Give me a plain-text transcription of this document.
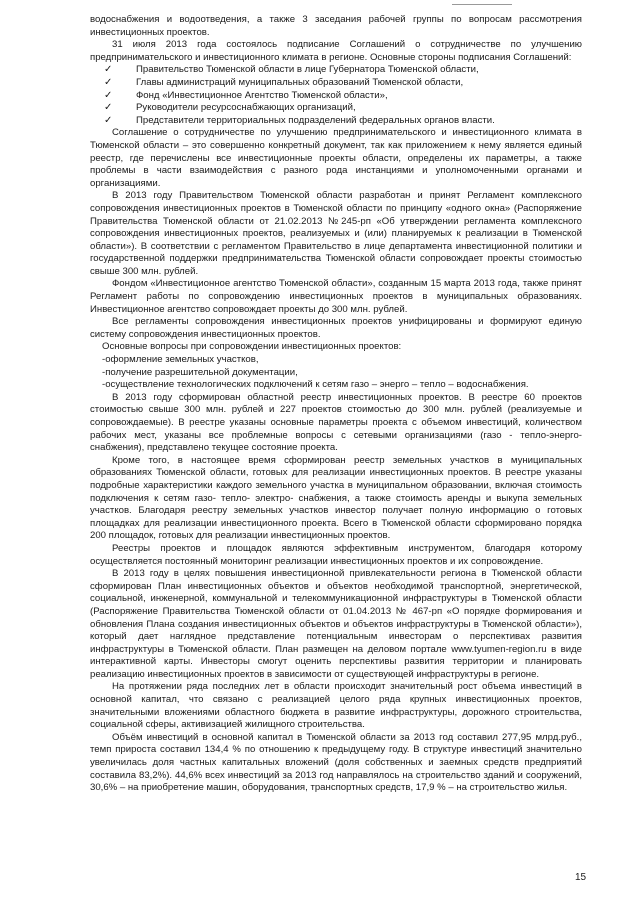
водоснабжения и водоотведения, а также 3 заседания рабочей группы по вопросам рассмотрения инвестиционных проектов.

31 июля 2013 года состоялось подписание Соглашений о сотрудничестве по улучшению предпринимательского и инвестиционного климата в регионе. Основные стороны подписания Соглашений:

✓	Правительство Тюменской области в лице Губернатора Тюменской области,
✓	Главы администраций муниципальных образований Тюменской области,
✓	Фонд «Инвестиционное Агентство Тюменской области»,
✓	Руководители ресурсоснабжающих организаций,
✓	Представители территориальных подразделений федеральных органов власти.

Соглашение о сотрудничестве по улучшению предпринимательского и инвестиционного климата в Тюменской области – это совершенно конкретный документ, так как приложением к нему является единый реестр, где перечислены все инвестиционные проекты области, определены их параметры, а также проблемы в части взаимодействия с разного рода инстанциями и уполномоченными органами и организациями.

В 2013 году Правительством Тюменской области разработан и принят Регламент комплексного сопровождения инвестиционных проектов в Тюменской области по принципу «одного окна» (Распоряжение Правительства Тюменской области от 21.02.2013 №245-рп «Об утверждении регламента комплексного сопровождения инвестиционных проектов, реализуемых и (или) планируемых к реализации в Тюменской области»). В соответствии с регламентом Правительство в лице департамента инвестиционной политики и государственной поддержки предпринимательства Тюменской области сопровождает проекты стоимостью свыше 300 млн. рублей.

Фондом «Инвестиционное агентство Тюменской области», созданным 15 марта 2013 года, также принят Регламент работы по сопровождению инвестиционных проектов в муниципальных образованиях. Инвестиционное агентство сопровождает проекты до 300 млн. рублей.

Все регламенты сопровождения инвестиционных проектов унифицированы и формируют единую систему сопровождения инвестиционных проектов.

Основные вопросы при сопровождении инвестиционных проектов:

-оформление земельных участков,

-получение разрешительной документации,

-осуществление технологических подключений к сетям газо – энерго – тепло – водоснабжения.

В 2013 году сформирован областной реестр инвестиционных проектов. В реестре 60 проектов стоимостью свыше 300 млн. рублей и 227 проектов стоимостью до 300 млн. рублей (реализуемые и сопровождаемые). В реестре указаны основные параметры проекта с объемом инвестиций, количеством рабочих мест, указаны все проблемные вопросы с сетевыми организациями (газо - тепло-энерго- снабжения), представлено текущее состояние проекта.

Кроме того, в настоящее время сформирован реестр земельных участков в муниципальных образованиях Тюменской области, готовых для реализации инвестиционных проектов. В реестре указаны подробные характеристики каждого земельного участка в муниципальном образовании, включая стоимость подключения к сетям газо- тепло- электро- снабжения, а также стоимость аренды и выкупа земельных участков. Благодаря реестру земельных участков инвестор получает полную информацию о готовых площадках для реализации инвестиционного проекта. Всего в Тюменской области сформировано порядка 200 площадок, готовых для реализации инвестиционных проектов.

Реестры проектов и площадок являются эффективным инструментом, благодаря которому осуществляется постоянный мониторинг реализации инвестиционных проектов и их сопровождение.

В 2013 году в целях повышения инвестиционной привлекательности региона в Тюменской области сформирован План инвестиционных объектов и объектов необходимой транспортной, энергетической, социальной, инженерной, коммунальной и телекоммуникационной инфраструктуры в Тюменской области (Распоряжение Правительства Тюменской области от 01.04.2013 № 467-рп «О порядке формирования и обновления Плана создания инвестиционных объектов и объектов инфраструктуры в Тюменской области»), который дает наглядное представление потенциальным инвесторам о перспективах развития инфраструктуры в Тюменской области. План размещен на деловом портале www.tyumen-region.ru в виде интерактивной карты. Инвесторы смогут оценить перспективы развития территории и планировать реализацию инвестиционных проектов в зависимости от существующей инфраструктуры в регионе.

На протяжении ряда последних лет в области происходит значительный рост объема инвестиций в основной капитал, что связано с реализацией целого ряда крупных инвестиционных проектов, значительными вложениями областного бюджета в развитие инфраструктуры, дорожного строительства, социальной сферы, активизацией жилищного строительства.

Объём инвестиций в основной капитал в Тюменской области за 2013 год составил 277,95 млрд.руб., темп прироста составил 134,4 % по отношению к предыдущему году. В структуре инвестиций значительно увеличилась доля частных капитальных вложений (доля собственных и заемных средств предприятий составила 83,2%). 44,6% всех инвестиций за 2013 год направлялось на строительство зданий и сооружений, 30,6% – на приобретение машин, оборудования, транспортных средств, 17,9 % – на строительство жилья.

15
